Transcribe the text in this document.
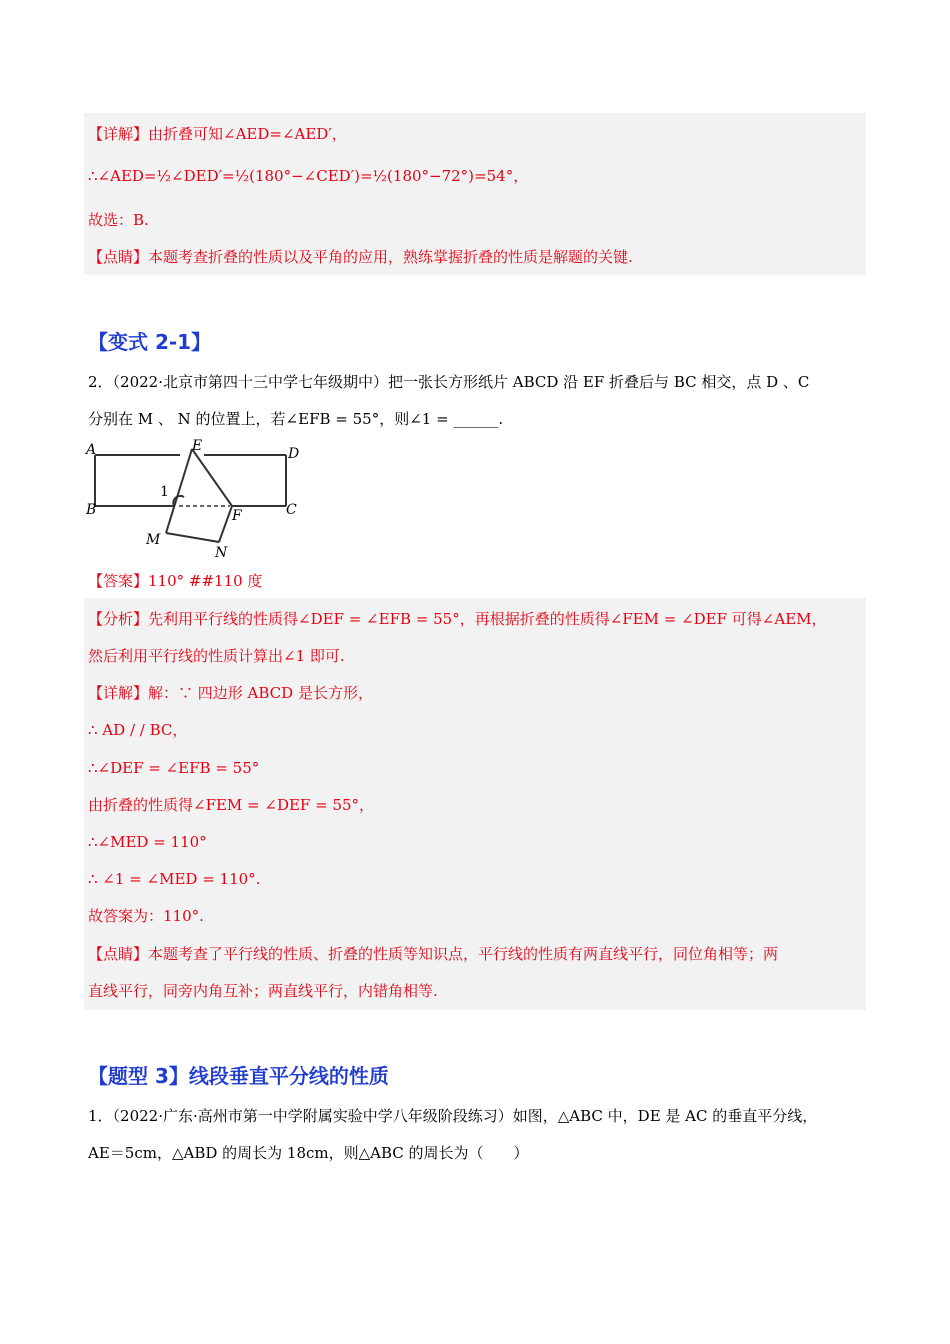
【详解】由折叠可知∠AED=∠AED′，
∴∠AED=½∠DED′=½(180°−∠CED′)=½(180°−72°)=54°，
故选：B.
【点睛】本题考查折叠的性质以及平角的应用，熟练掌握折叠的性质是解题的关键.
【变式 2-1】
2．（2022·北京市第四十三中学七年级期中）把一张长方形纸片 ABCD 沿 EF 折叠后与 BC 相交，点 D 、C
分别在 M 、 N 的位置上，若∠EFB = 55°，则∠1 = ______.
A	E	D
B
1
F	C
M
N
【答案】110° ##110 度
【分析】先利用平行线的性质得∠DEF = ∠EFB = 55°，再根据折叠的性质得∠FEM = ∠DEF 可得∠AEM，
然后利用平行线的性质计算出∠1 即可.
【详解】解：∵ 四边形 ABCD 是长方形，
∴ AD / / BC，
∴∠DEF = ∠EFB = 55°
由折叠的性质得∠FEM = ∠DEF = 55°，
∴∠MED = 110°
∴ ∠1 = ∠MED = 110°.
故答案为：110°.
【点睛】本题考查了平行线的性质、折叠的性质等知识点，平行线的性质有两直线平行，同位角相等；两
直线平行，同旁内角互补；两直线平行，内错角相等.
【题型 3】线段垂直平分线的性质
1．（2022·广东·高州市第一中学附属实验中学八年级阶段练习）如图，△ABC 中，DE 是 AC 的垂直平分线，
AE＝5cm，△ABD 的周长为 18cm，则△ABC 的周长为（　　）
